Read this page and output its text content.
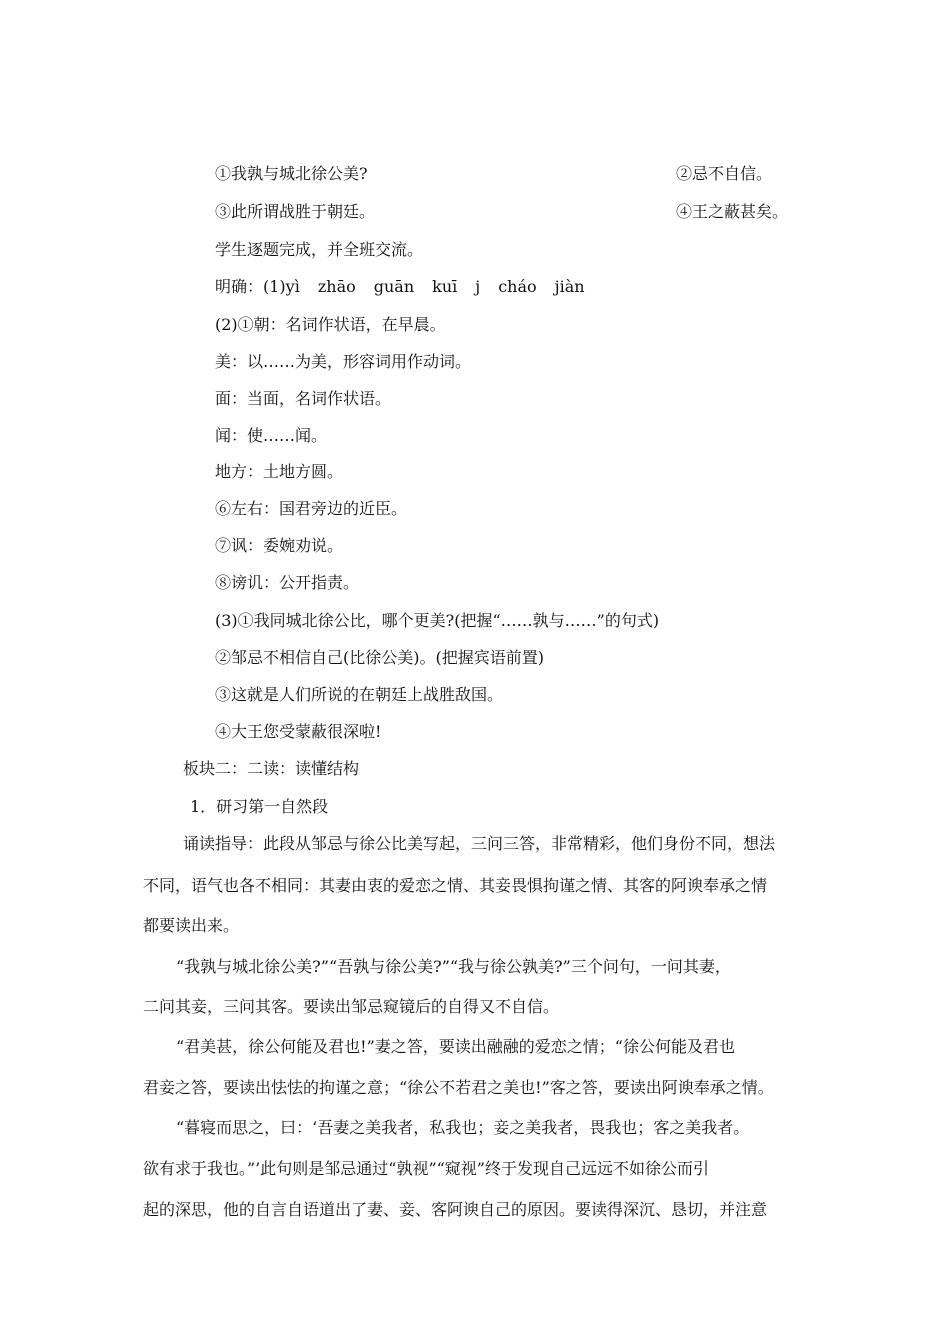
①我孰与城北徐公美?	②忌不自信。
③此所谓战胜于朝廷。	④王之蔽甚矣。
学生逐题完成，并全班交流。
明确：(1)yì zhāo guān kuī j cháo jiàn
(2)①朝：名词作状语，在早晨。
美：以……为美，形容词用作动词。
面：当面，名词作状语。
闻：使……闻。
地方：土地方圆。
⑥左右：国君旁边的近臣。
⑦讽：委婉劝说。
⑧谤讥：公开指责。
(3)①我同城北徐公比，哪个更美?(把握“……孰与……”的句式)
②邹忌不相信自己(比徐公美)。(把握宾语前置)
③这就是人们所说的在朝廷上战胜敌国。
④大王您受蒙蔽很深啦!
板块二：二读：读懂结构
1．研习第一自然段
诵读指导：此段从邹忌与徐公比美写起，三问三答，非常精彩，他们身份不同，想法
不同，语气也各不相同：其妻由衷的爱恋之情、其妾畏惧拘谨之情、其客的阿谀奉承之情
都要读出来。
“我孰与城北徐公美?”“吾孰与徐公美?”“我与徐公孰美?”三个问句，一问其妻，
二问其妾，三问其客。要读出邹忌窥镜后的自得又不自信。
“君美甚，徐公何能及君也!”妻之答，要读出融融的爱恋之情；“徐公何能及君也
君妾之答，要读出怯怯的拘谨之意；“徐公不若君之美也!”客之答，要读出阿谀奉承之情。
“暮寝而思之，曰：‘吾妻之美我者，私我也；妾之美我者，畏我也；客之美我者。
欲有求于我也。”’此句则是邹忌通过“孰视”“窥视”终于发现自己远远不如徐公而引
起的深思，他的自言自语道出了妻、妾、客阿谀自己的原因。要读得深沉、恳切，并注意
